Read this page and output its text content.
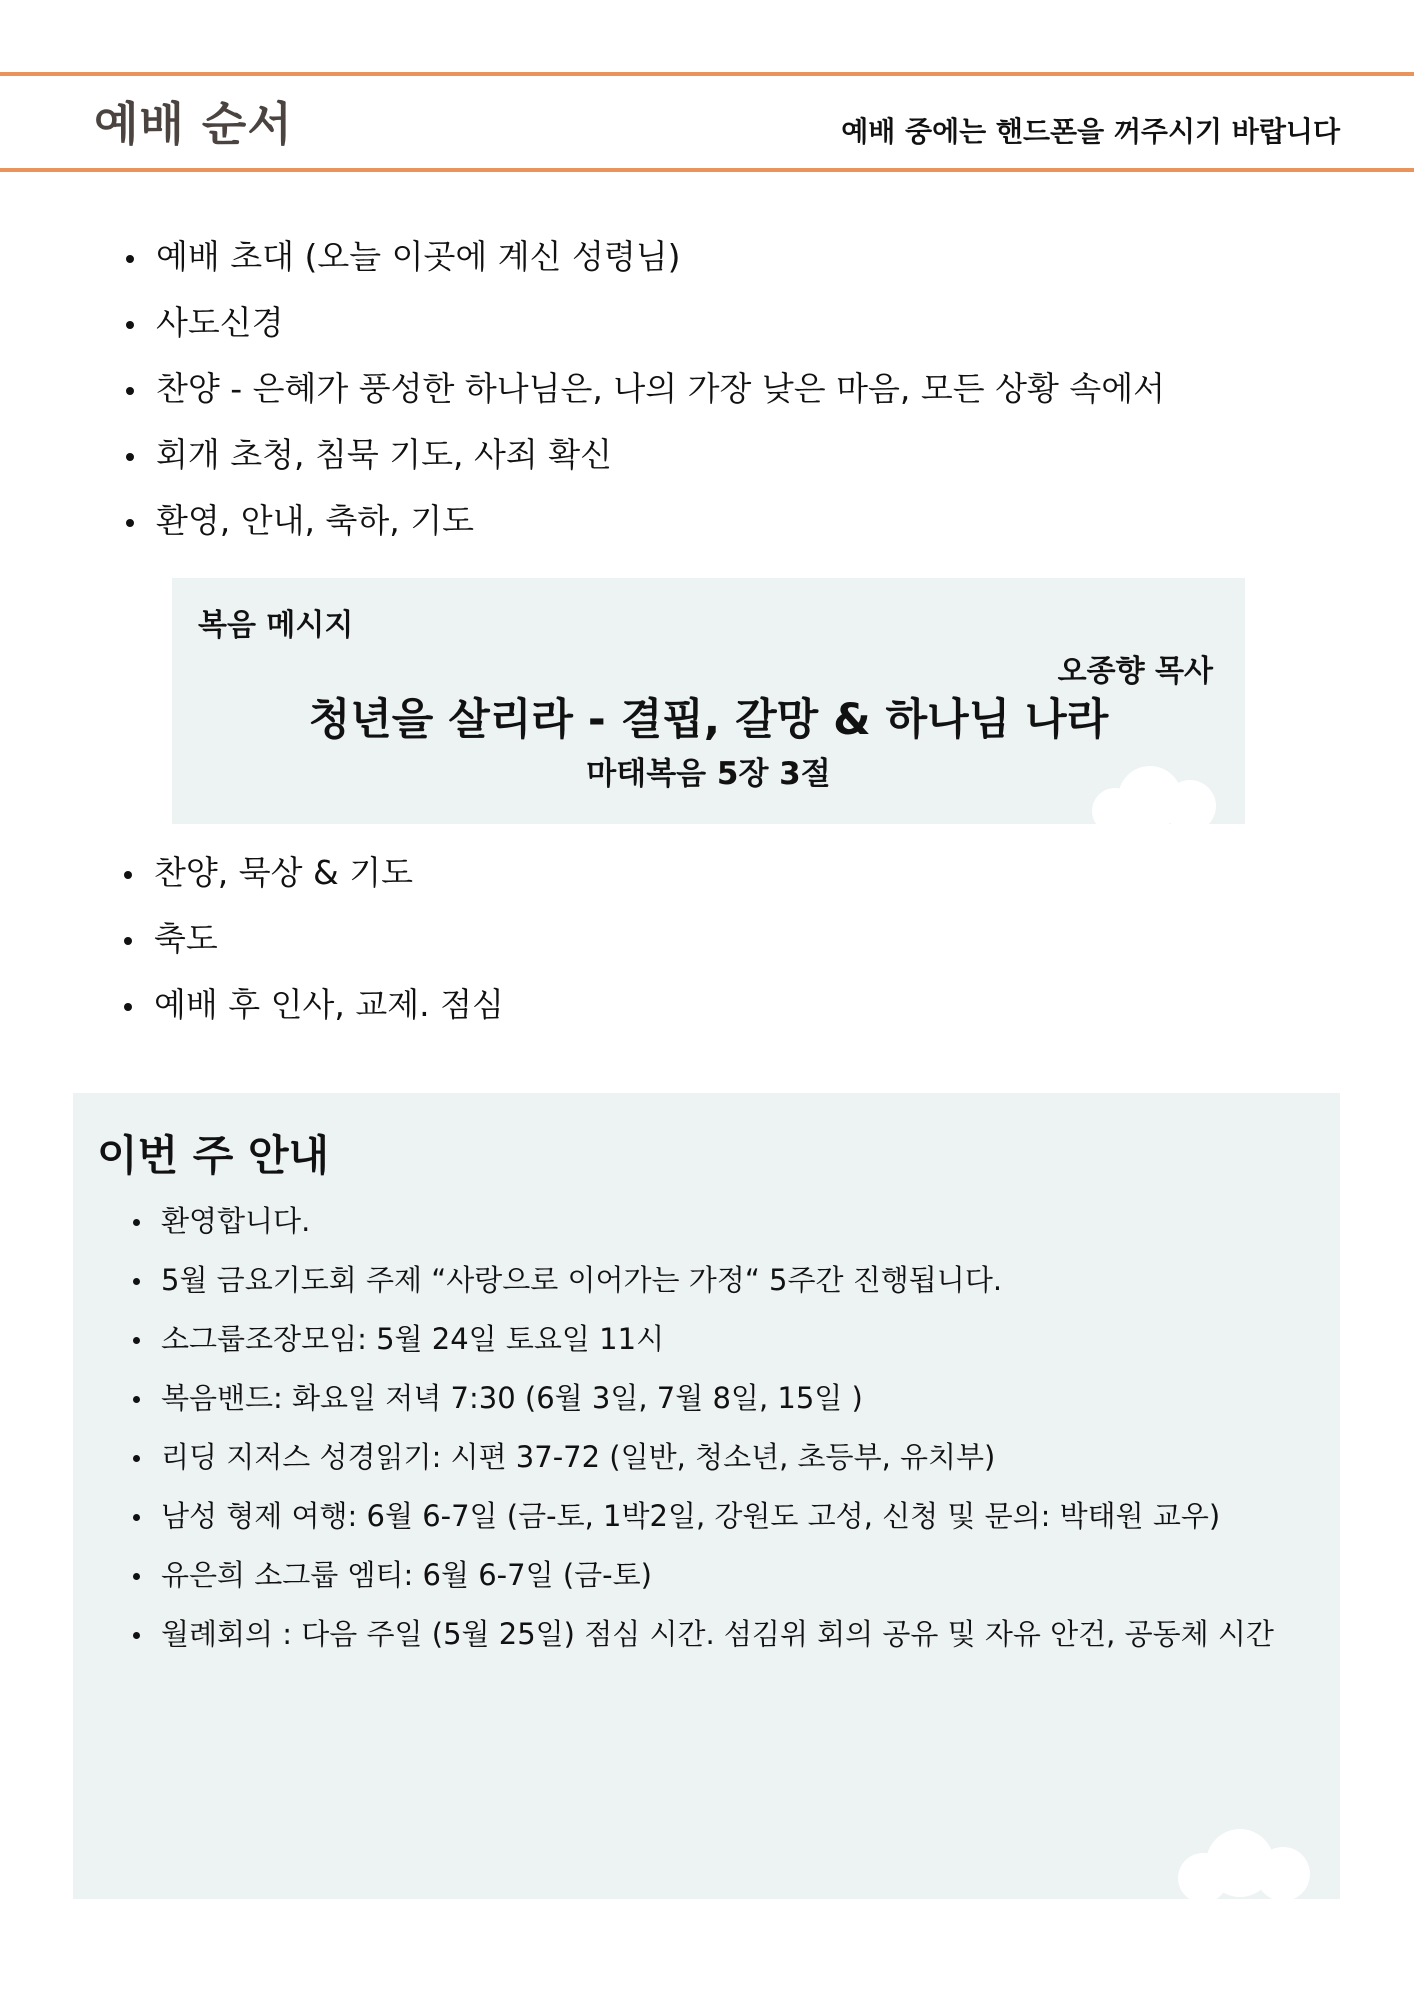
예배 순서	예배 중에는 핸드폰을 꺼주시기 바랍니다
예배 초대 (오늘 이곳에 계신 성령님)
사도신경
찬양 - 은혜가 풍성한 하나님은, 나의 가장 낮은 마음, 모든 상황 속에서
회개 초청, 침묵 기도, 사죄 확신
환영, 안내, 축하, 기도
복음 메시지
오종향 목사
청년을 살리라 - 결핍, 갈망 & 하나님 나라
마태복음 5장 3절
찬양, 묵상 & 기도
축도
예배 후 인사, 교제. 점심
이번 주 안내
환영합니다.
5월 금요기도회 주제 “사랑으로 이어가는 가정“ 5주간 진행됩니다.
소그룹조장모임: 5월 24일 토요일 11시
복음밴드: 화요일 저녁 7:30 (6월 3일, 7월 8일, 15일 )
리딩 지저스 성경읽기: 시편 37-72 (일반, 청소년, 초등부, 유치부)
남성 형제 여행: 6월 6-7일 (금-토, 1박2일, 강원도 고성, 신청 및 문의: 박태원 교우)
유은희 소그룹 엠티: 6월 6-7일 (금-토)
월례회의 : 다음 주일 (5월 25일) 점심 시간. 섬김위 회의 공유 및 자유 안건, 공동체 시간
